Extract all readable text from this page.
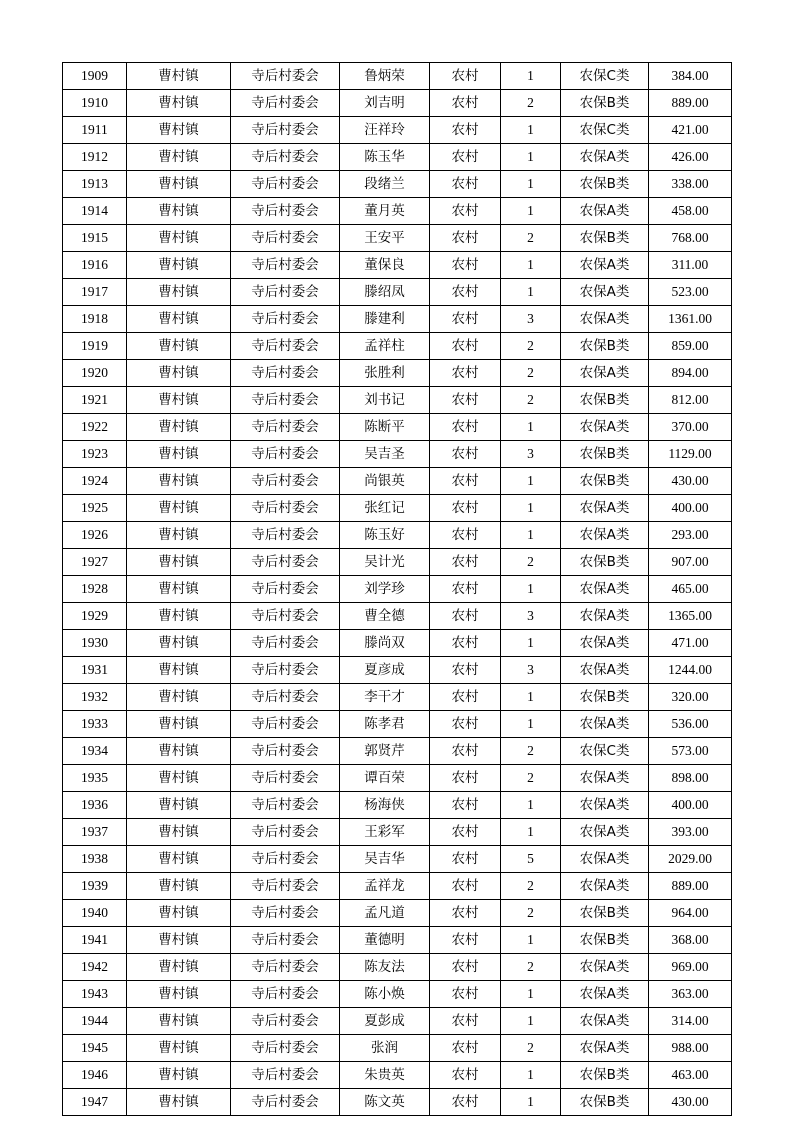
1909	曹村镇	寺后村委会	鲁炳荣	农村	1	农保C类	384.00
1910	曹村镇	寺后村委会	刘吉明	农村	2	农保B类	889.00
1911	曹村镇	寺后村委会	汪祥玲	农村	1	农保C类	421.00
1912	曹村镇	寺后村委会	陈玉华	农村	1	农保A类	426.00
1913	曹村镇	寺后村委会	段绪兰	农村	1	农保B类	338.00
1914	曹村镇	寺后村委会	董月英	农村	1	农保A类	458.00
1915	曹村镇	寺后村委会	王安平	农村	2	农保B类	768.00
1916	曹村镇	寺后村委会	董保良	农村	1	农保A类	311.00
1917	曹村镇	寺后村委会	滕绍凤	农村	1	农保A类	523.00
1918	曹村镇	寺后村委会	滕建利	农村	3	农保A类	1361.00
1919	曹村镇	寺后村委会	孟祥柱	农村	2	农保B类	859.00
1920	曹村镇	寺后村委会	张胜利	农村	2	农保A类	894.00
1921	曹村镇	寺后村委会	刘书记	农村	2	农保B类	812.00
1922	曹村镇	寺后村委会	陈断平	农村	1	农保A类	370.00
1923	曹村镇	寺后村委会	吴吉圣	农村	3	农保B类	1129.00
1924	曹村镇	寺后村委会	尚银英	农村	1	农保B类	430.00
1925	曹村镇	寺后村委会	张红记	农村	1	农保A类	400.00
1926	曹村镇	寺后村委会	陈玉好	农村	1	农保A类	293.00
1927	曹村镇	寺后村委会	吴计光	农村	2	农保B类	907.00
1928	曹村镇	寺后村委会	刘学珍	农村	1	农保A类	465.00
1929	曹村镇	寺后村委会	曹全德	农村	3	农保A类	1365.00
1930	曹村镇	寺后村委会	滕尚双	农村	1	农保A类	471.00
1931	曹村镇	寺后村委会	夏彦成	农村	3	农保A类	1244.00
1932	曹村镇	寺后村委会	李干才	农村	1	农保B类	320.00
1933	曹村镇	寺后村委会	陈孝君	农村	1	农保A类	536.00
1934	曹村镇	寺后村委会	郭贤芹	农村	2	农保C类	573.00
1935	曹村镇	寺后村委会	谭百荣	农村	2	农保A类	898.00
1936	曹村镇	寺后村委会	杨海侠	农村	1	农保A类	400.00
1937	曹村镇	寺后村委会	王彩军	农村	1	农保A类	393.00
1938	曹村镇	寺后村委会	吴吉华	农村	5	农保A类	2029.00
1939	曹村镇	寺后村委会	孟祥龙	农村	2	农保A类	889.00
1940	曹村镇	寺后村委会	孟凡道	农村	2	农保B类	964.00
1941	曹村镇	寺后村委会	董德明	农村	1	农保B类	368.00
1942	曹村镇	寺后村委会	陈友法	农村	2	农保A类	969.00
1943	曹村镇	寺后村委会	陈小焕	农村	1	农保A类	363.00
1944	曹村镇	寺后村委会	夏彭成	农村	1	农保A类	314.00
1945	曹村镇	寺后村委会	张润	农村	2	农保A类	988.00
1946	曹村镇	寺后村委会	朱贵英	农村	1	农保B类	463.00
1947	曹村镇	寺后村委会	陈文英	农村	1	农保B类	430.00
